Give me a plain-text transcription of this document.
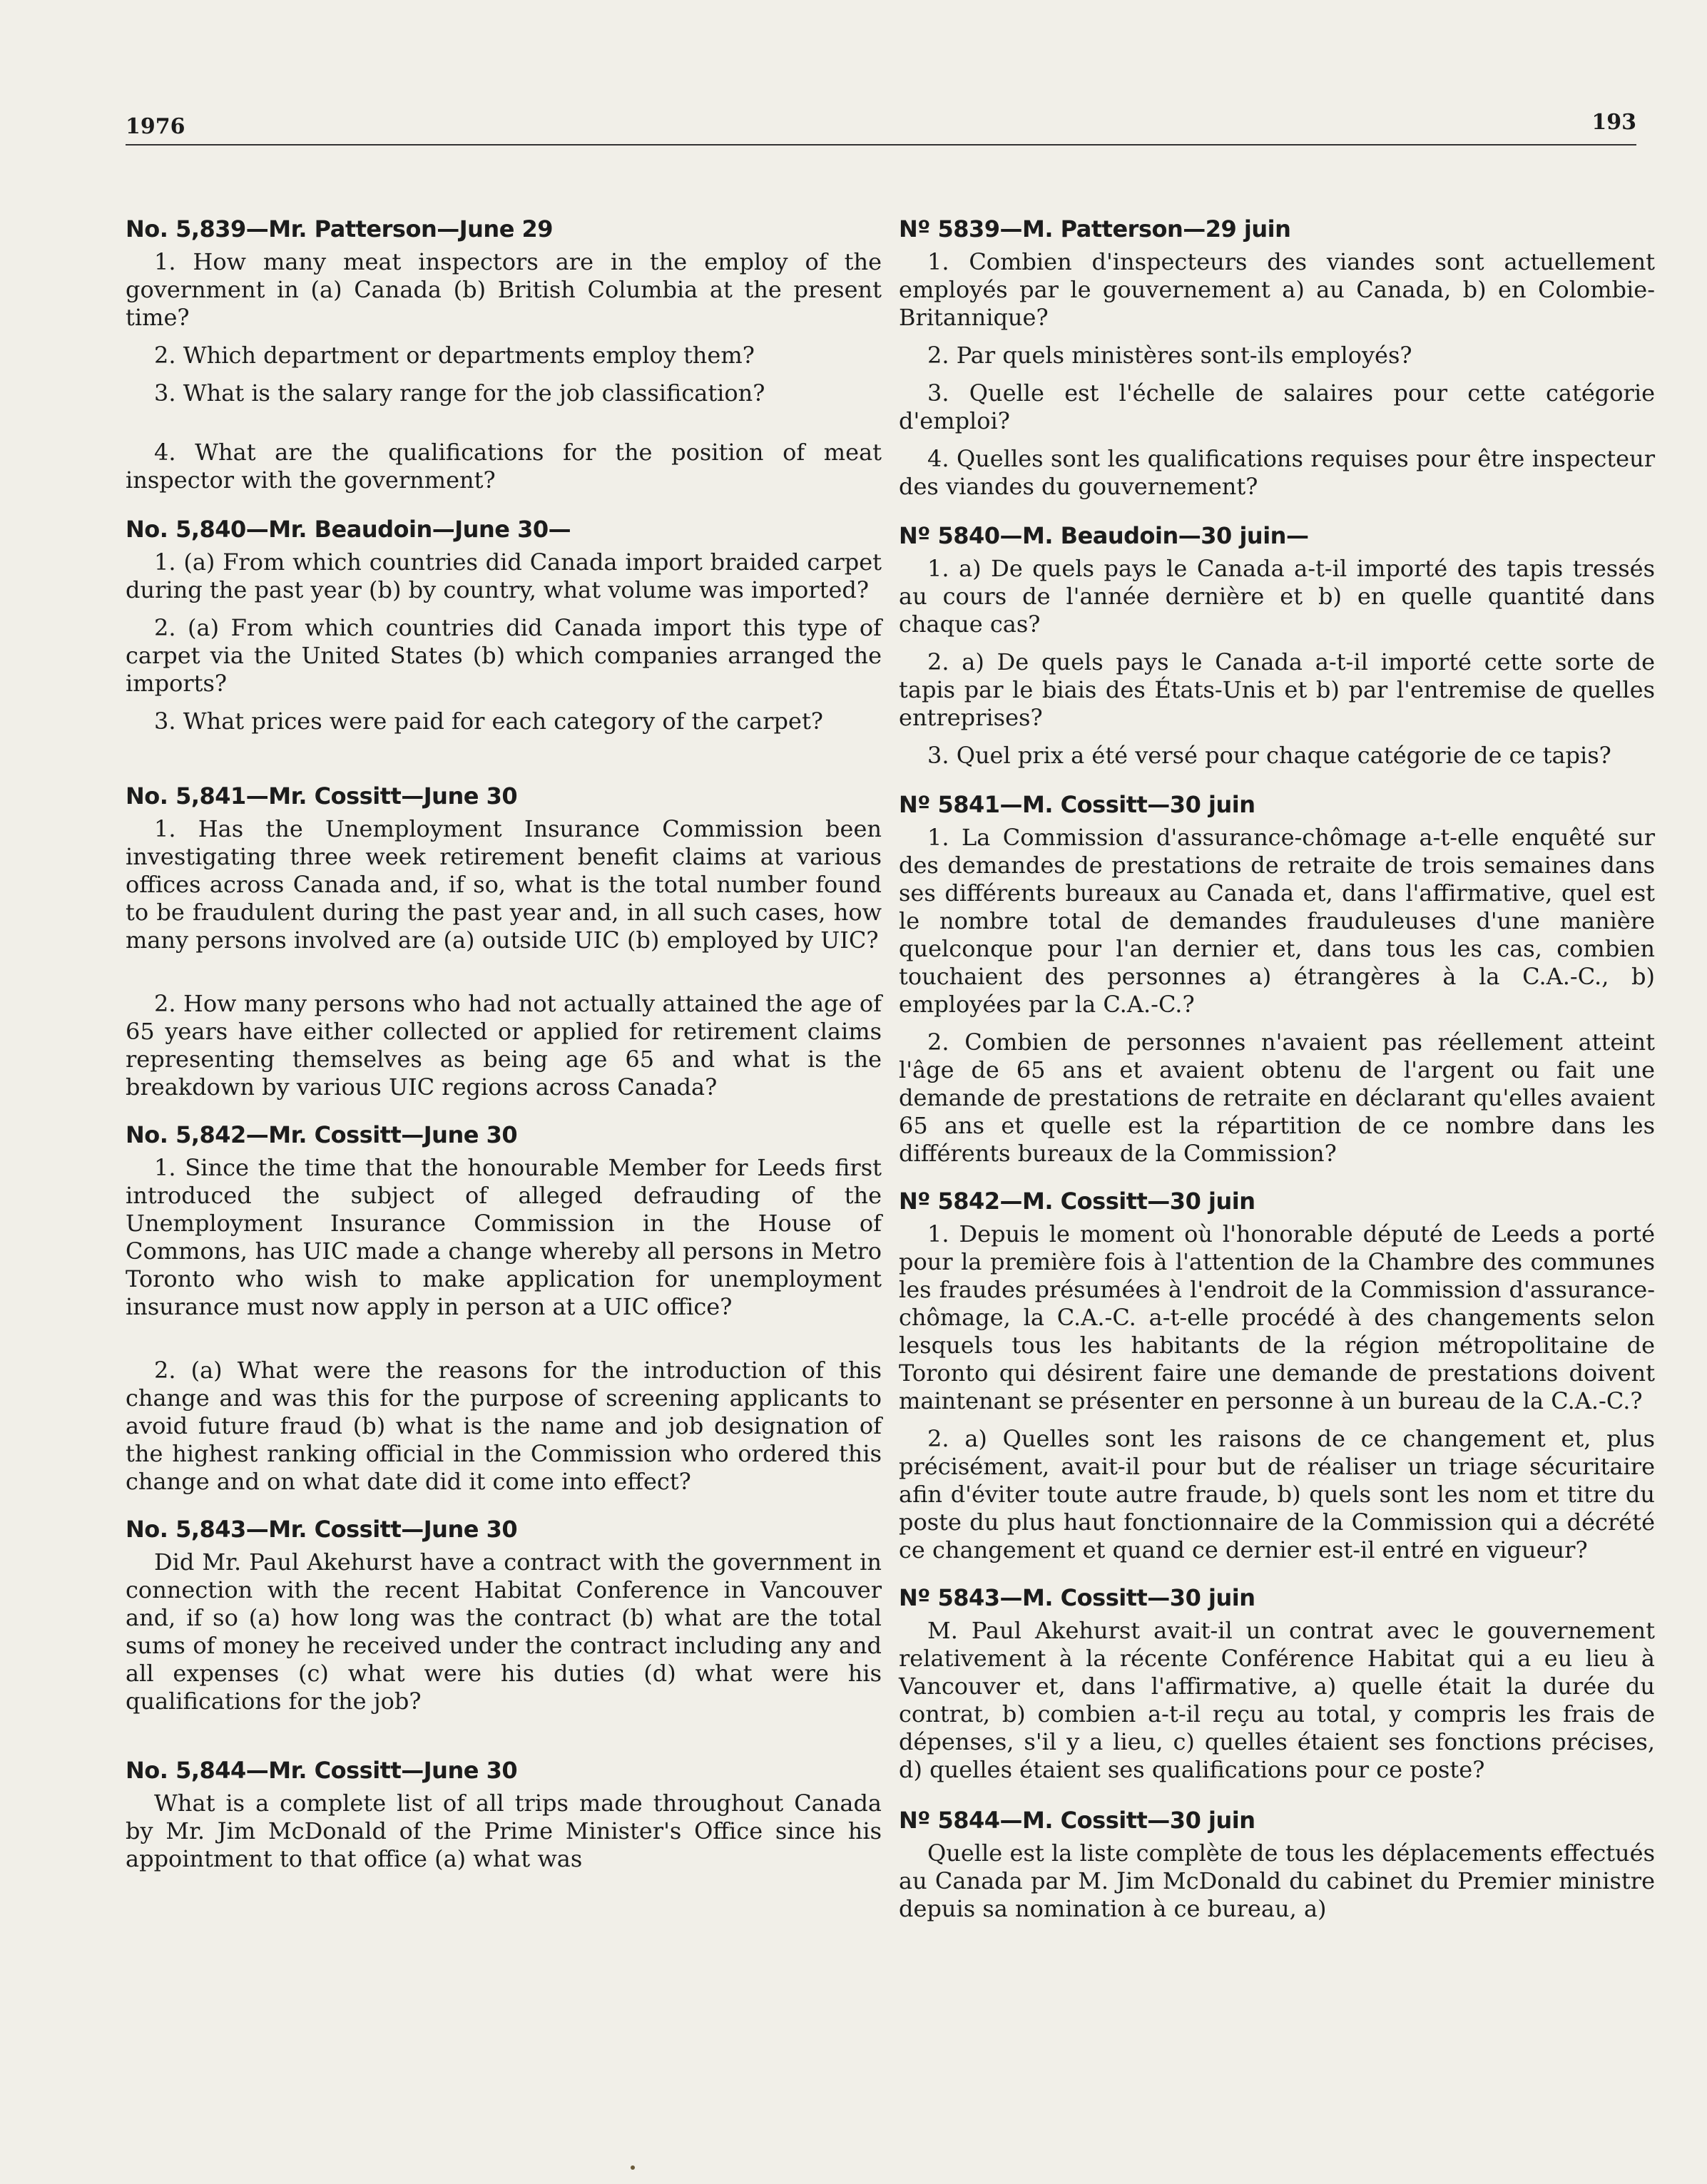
1976	193
No. 5,839—Mr. Patterson—June 29

1. How many meat inspectors are in the employ of the government in (a) Canada (b) British Columbia at the present time?

2. Which department or departments employ them?

3. What is the salary range for the job classification?

4. What are the qualifications for the position of meat inspector with the government?

No. 5,840—Mr. Beaudoin—June 30—

1. (a) From which countries did Canada import braided carpet during the past year (b) by country, what volume was imported?

2. (a) From which countries did Canada import this type of carpet via the United States (b) which companies arranged the imports?

3. What prices were paid for each category of the carpet?

No. 5,841—Mr. Cossitt—June 30

1. Has the Unemployment Insurance Commission been investigating three week retirement benefit claims at various offices across Canada and, if so, what is the total number found to be fraudulent during the past year and, in all such cases, how many persons involved are (a) outside UIC (b) employed by UIC?

2. How many persons who had not actually attained the age of 65 years have either collected or applied for retirement claims representing themselves as being age 65 and what is the breakdown by various UIC regions across Canada?

No. 5,842—Mr. Cossitt—June 30

1. Since the time that the honourable Member for Leeds first introduced the subject of alleged defrauding of the Unemployment Insurance Commission in the House of Commons, has UIC made a change whereby all persons in Metro Toronto who wish to make application for unemployment insurance must now apply in person at a UIC office?

2. (a) What were the reasons for the introduction of this change and was this for the purpose of screening applicants to avoid future fraud (b) what is the name and job designation of the highest ranking official in the Commission who ordered this change and on what date did it come into effect?

No. 5,843—Mr. Cossitt—June 30

Did Mr. Paul Akehurst have a contract with the government in connection with the recent Habitat Conference in Vancouver and, if so (a) how long was the contract (b) what are the total sums of money he received under the contract including any and all expenses (c) what were his duties (d) what were his qualifications for the job?

No. 5,844—Mr. Cossitt—June 30

What is a complete list of all trips made throughout Canada by Mr. Jim McDonald of the Prime Minister's Office since his appointment to that office (a) what was

Nº 5839—M. Patterson—29 juin

1. Combien d'inspecteurs des viandes sont actuellement employés par le gouvernement a) au Canada, b) en Colombie-Britannique?

2. Par quels ministères sont-ils employés?

3. Quelle est l'échelle de salaires pour cette catégorie d'emploi?

4. Quelles sont les qualifications requises pour être inspecteur des viandes du gouvernement?

Nº 5840—M. Beaudoin—30 juin—

1. a) De quels pays le Canada a-t-il importé des tapis tressés au cours de l'année dernière et b) en quelle quantité dans chaque cas?

2. a) De quels pays le Canada a-t-il importé cette sorte de tapis par le biais des États-Unis et b) par l'entremise de quelles entreprises?

3. Quel prix a été versé pour chaque catégorie de ce tapis?

Nº 5841—M. Cossitt—30 juin

1. La Commission d'assurance-chômage a-t-elle enquêté sur des demandes de prestations de retraite de trois semaines dans ses différents bureaux au Canada et, dans l'affirmative, quel est le nombre total de demandes frauduleuses d'une manière quelconque pour l'an dernier et, dans tous les cas, combien touchaient des personnes a) étrangères à la C.A.-C., b) employées par la C.A.-C.?

2. Combien de personnes n'avaient pas réellement atteint l'âge de 65 ans et avaient obtenu de l'argent ou fait une demande de prestations de retraite en déclarant qu'elles avaient 65 ans et quelle est la répartition de ce nombre dans les différents bureaux de la Commission?

Nº 5842—M. Cossitt—30 juin

1. Depuis le moment où l'honorable député de Leeds a porté pour la première fois à l'attention de la Chambre des communes les fraudes présumées à l'endroit de la Commission d'assurance-chômage, la C.A.-C. a-t-elle procédé à des changements selon lesquels tous les habitants de la région métropolitaine de Toronto qui désirent faire une demande de prestations doivent maintenant se présenter en personne à un bureau de la C.A.-C.?

2. a) Quelles sont les raisons de ce changement et, plus précisément, avait-il pour but de réaliser un triage sécuritaire afin d'éviter toute autre fraude, b) quels sont les nom et titre du poste du plus haut fonctionnaire de la Commission qui a décrété ce changement et quand ce dernier est-il entré en vigueur?

Nº 5843—M. Cossitt—30 juin

M. Paul Akehurst avait-il un contrat avec le gouvernement relativement à la récente Conférence Habitat qui a eu lieu à Vancouver et, dans l'affirmative, a) quelle était la durée du contrat, b) combien a-t-il reçu au total, y compris les frais de dépenses, s'il y a lieu, c) quelles étaient ses fonctions précises, d) quelles étaient ses qualifications pour ce poste?

Nº 5844—M. Cossitt—30 juin

Quelle est la liste complète de tous les déplacements effectués au Canada par M. Jim McDonald du cabinet du Premier ministre depuis sa nomination à ce bureau, a)
